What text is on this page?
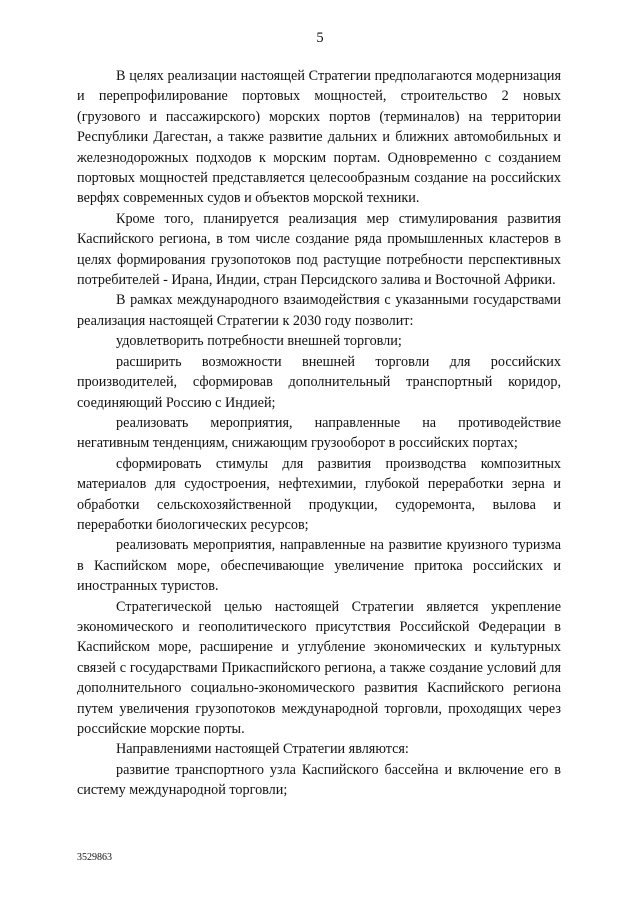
5

В целях реализации настоящей Стратегии предполагаются модернизация и перепрофилирование портовых мощностей, строительство 2 новых (грузового и пассажирского) морских портов (терминалов) на территории Республики Дагестан, а также развитие дальних и ближних автомобильных и железнодорожных подходов к морским портам. Одновременно с созданием портовых мощностей представляется целесообразным создание на российских верфях современных судов и объектов морской техники.

Кроме того, планируется реализация мер стимулирования развития Каспийского региона, в том числе создание ряда промышленных кластеров в целях формирования грузопотоков под растущие потребности перспективных потребителей - Ирана, Индии, стран Персидского залива и Восточной Африки.

В рамках международного взаимодействия с указанными государствами реализация настоящей Стратегии к 2030 году позволит:

удовлетворить потребности внешней торговли;

расширить возможности внешней торговли для российских производителей, сформировав дополнительный транспортный коридор, соединяющий Россию с Индией;

реализовать мероприятия, направленные на противодействие негативным тенденциям, снижающим грузооборот в российских портах;

сформировать стимулы для развития производства композитных материалов для судостроения, нефтехимии, глубокой переработки зерна и обработки сельскохозяйственной продукции, судоремонта, вылова и переработки биологических ресурсов;

реализовать мероприятия, направленные на развитие круизного туризма в Каспийском море, обеспечивающие увеличение притока российских и иностранных туристов.

Стратегической целью настоящей Стратегии является укрепление экономического и геополитического присутствия Российской Федерации в Каспийском море, расширение и углубление экономических и культурных связей с государствами Прикаспийского региона, а также создание условий для дополнительного социально-экономического развития Каспийского региона путем увеличения грузопотоков международной торговли, проходящих через российские морские порты.

Направлениями настоящей Стратегии являются:

развитие транспортного узла Каспийского бассейна и включение его в систему международной торговли;

3529863
